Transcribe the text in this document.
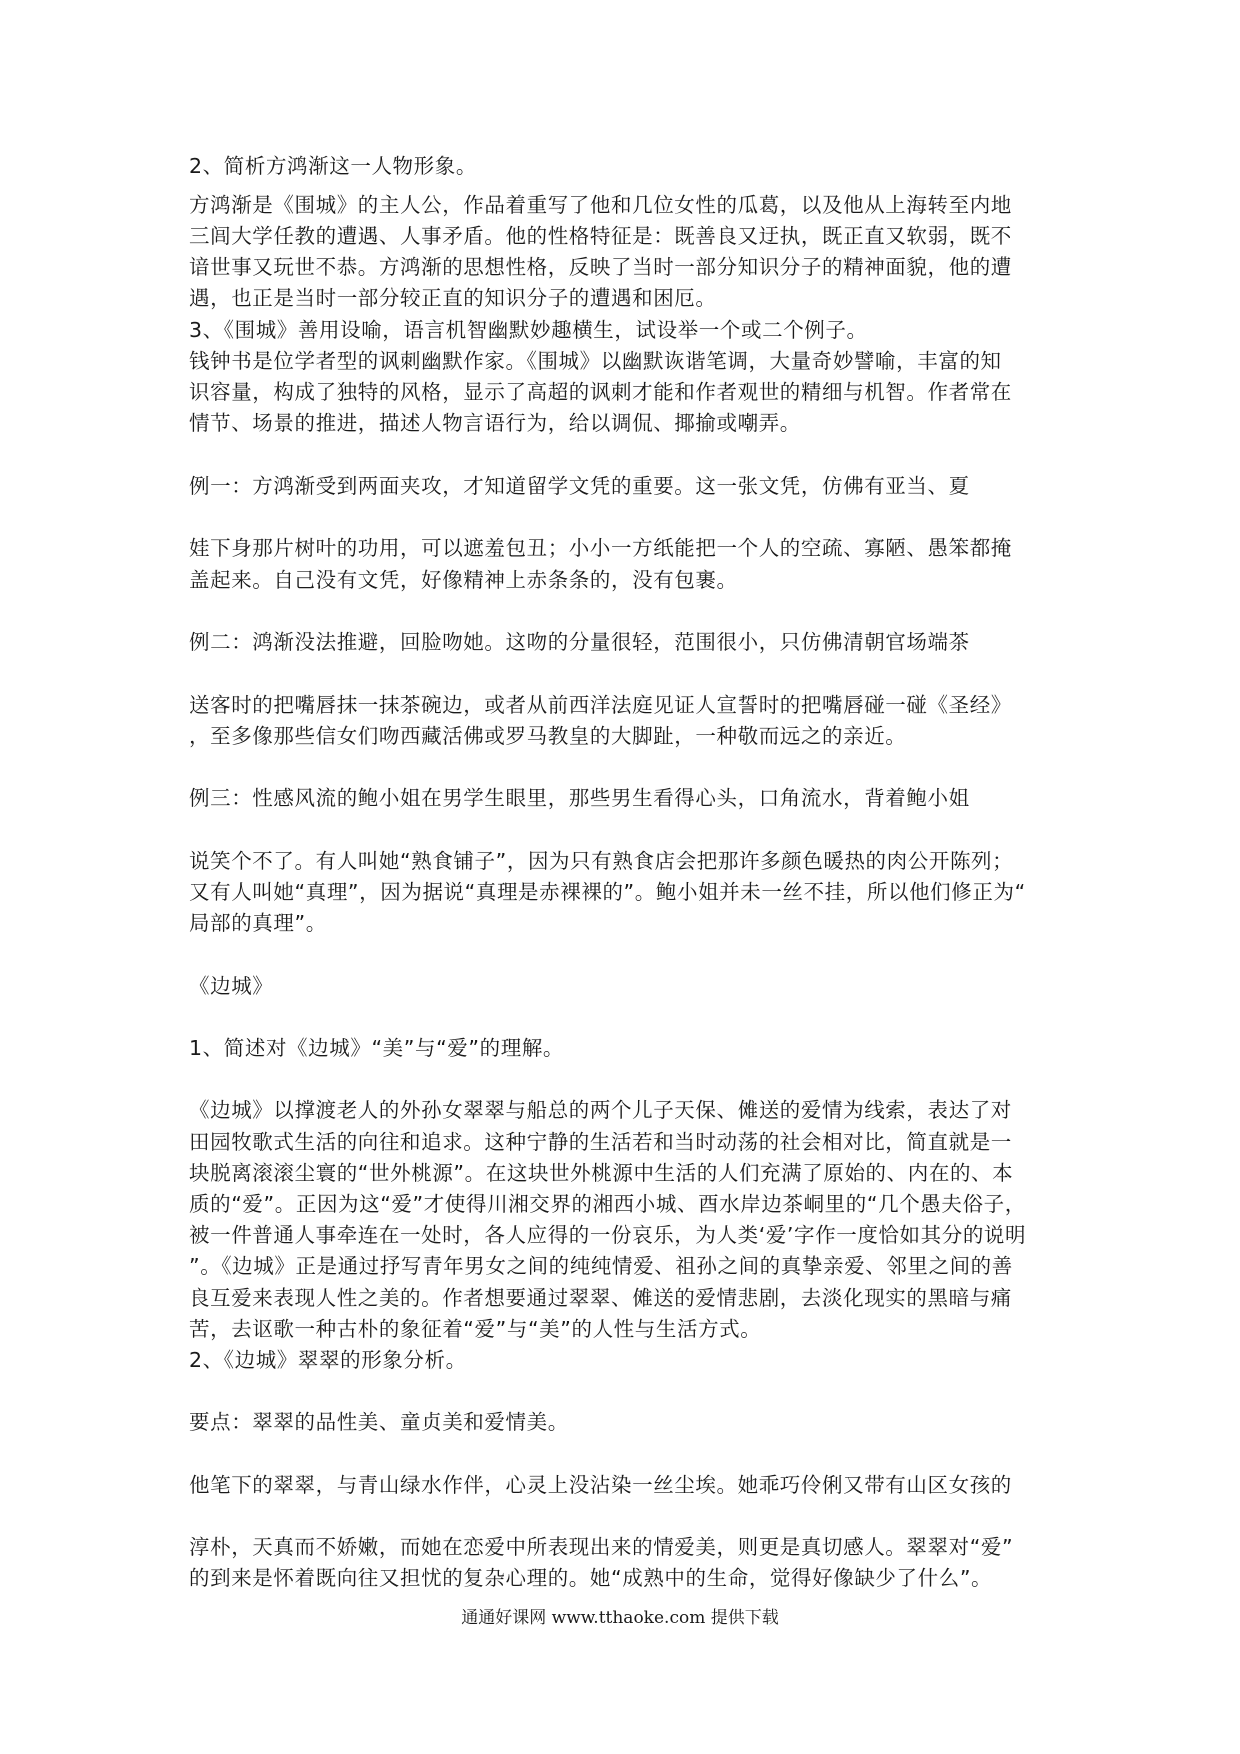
2、简析方鸿渐这一人物形象。
方鸿渐是《围城》的主人公，作品着重写了他和几位女性的瓜葛，以及他从上海转至内地
三闾大学任教的遭遇、人事矛盾。他的性格特征是：既善良又迂执，既正直又软弱，既不
谙世事又玩世不恭。方鸿渐的思想性格，反映了当时一部分知识分子的精神面貌，他的遭
遇，也正是当时一部分较正直的知识分子的遭遇和困厄。
3、《围城》善用设喻，语言机智幽默妙趣横生，试设举一个或二个例子。
钱钟书是位学者型的讽刺幽默作家。《围城》以幽默诙谐笔调，大量奇妙譬喻，丰富的知
识容量，构成了独特的风格，显示了高超的讽刺才能和作者观世的精细与机智。作者常在
情节、场景的推进，描述人物言语行为，给以调侃、揶揄或嘲弄。
例一：方鸿渐受到两面夹攻，才知道留学文凭的重要。这一张文凭，仿佛有亚当、夏
娃下身那片树叶的功用，可以遮羞包丑；小小一方纸能把一个人的空疏、寡陋、愚笨都掩
盖起来。自己没有文凭，好像精神上赤条条的，没有包裹。
例二：鸿渐没法推避，回脸吻她。这吻的分量很轻，范围很小，只仿佛清朝官场端茶
送客时的把嘴唇抹一抹茶碗边，或者从前西洋法庭见证人宣誓时的把嘴唇碰一碰《圣经》
，至多像那些信女们吻西藏活佛或罗马教皇的大脚趾，一种敬而远之的亲近。
例三：性感风流的鲍小姐在男学生眼里，那些男生看得心头，口角流水，背着鲍小姐
说笑个不了。有人叫她“熟食铺子”，因为只有熟食店会把那许多颜色暖热的肉公开陈列；
又有人叫她“真理”，因为据说“真理是赤裸裸的”。鲍小姐并未一丝不挂，所以他们修正为“
局部的真理”。
《边城》
1、简述对《边城》“美”与“爱”的理解。
《边城》以撑渡老人的外孙女翠翠与船总的两个儿子天保、傩送的爱情为线索，表达了对
田园牧歌式生活的向往和追求。这种宁静的生活若和当时动荡的社会相对比，简直就是一
块脱离滚滚尘寰的“世外桃源”。在这块世外桃源中生活的人们充满了原始的、内在的、本
质的“爱”。正因为这“爱”才使得川湘交界的湘西小城、酉水岸边茶峒里的“几个愚夫俗子，
被一件普通人事牵连在一处时，各人应得的一份哀乐，为人类‘爱’字作一度恰如其分的说明
”。《边城》正是通过抒写青年男女之间的纯纯情爱、祖孙之间的真挚亲爱、邻里之间的善
良互爱来表现人性之美的。作者想要通过翠翠、傩送的爱情悲剧，去淡化现实的黑暗与痛
苦，去讴歌一种古朴的象征着“爱”与“美”的人性与生活方式。
2、《边城》翠翠的形象分析。
要点：翠翠的品性美、童贞美和爱情美。
他笔下的翠翠，与青山绿水作伴，心灵上没沾染一丝尘埃。她乖巧伶俐又带有山区女孩的
淳朴，天真而不娇嫩，而她在恋爱中所表现出来的情爱美，则更是真切感人。翠翠对“爱”
的到来是怀着既向往又担忧的复杂心理的。她“成熟中的生命，觉得好像缺少了什么”。
通通好课网 www.tthaoke.com 提供下载
